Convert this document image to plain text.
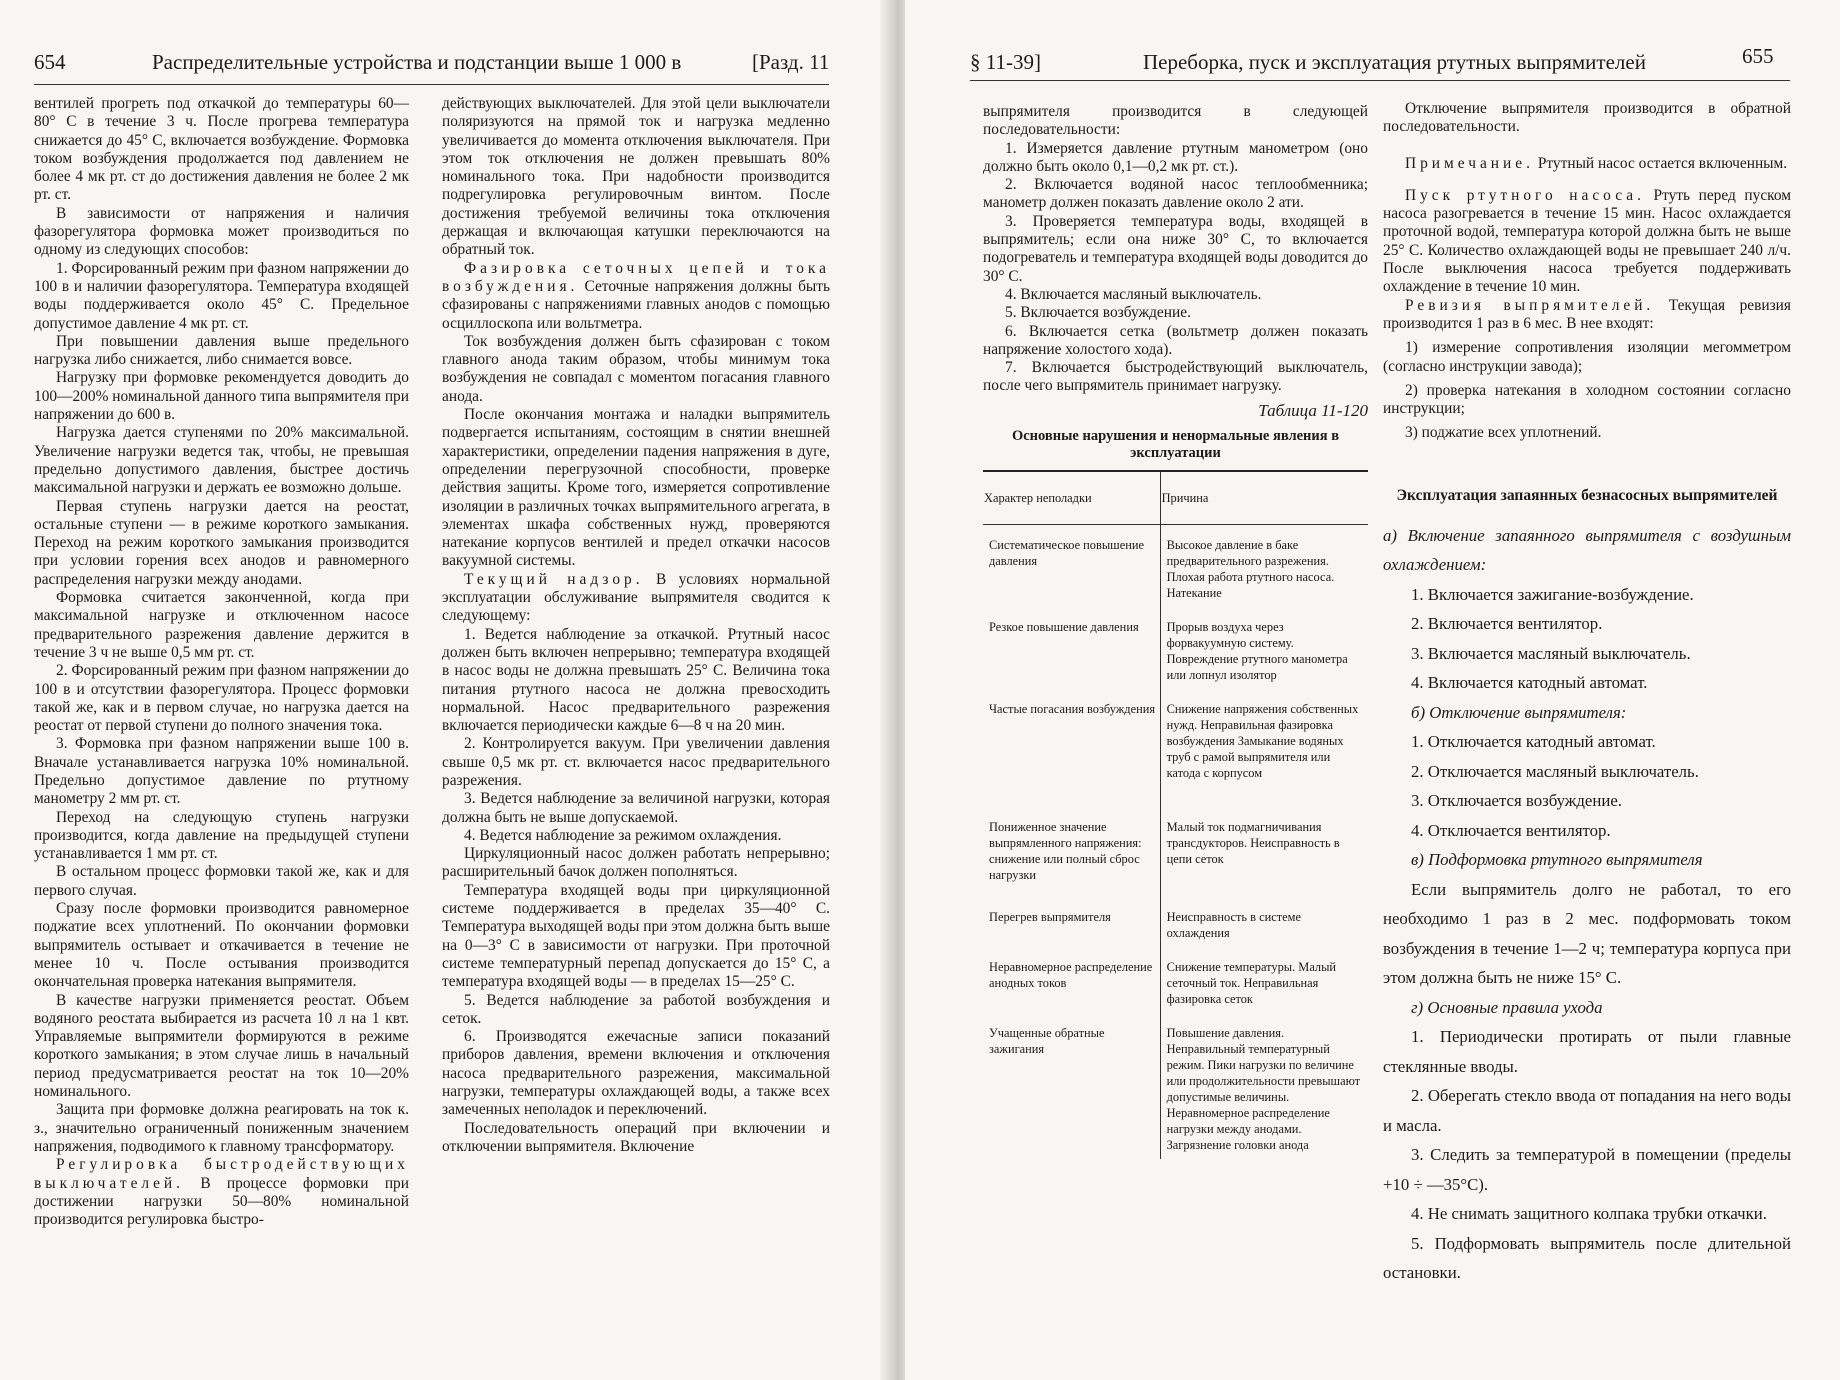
654	Распределительные устройства и подстанции выше 1 000 в	[Разд. 11

вентилей прогреть под откачкой до температуры 60—80° С в течение 3 ч. После прогрева температура снижается до 45° С, включается возбуждение. Формовка током возбуждения продолжается под давлением не более 4 мк рт. ст до достижения давления не более 2 мк рт. ст.

В зависимости от напряжения и наличия фазорегулятора формовка может производиться по одному из следующих способов:

1. Форсированный режим при фазном напряжении до 100 в и наличии фазорегулятора. Температура входящей воды поддерживается около 45° С. Предельное допустимое давление 4 мк рт. ст.

При повышении давления выше предельного нагрузка либо снижается, либо снимается вовсе.

Нагрузку при формовке рекомендуется доводить до 100—200% номинальной данного типа выпрямителя при напряжении до 600 в.

Нагрузка дается ступенями по 20% максимальной. Увеличение нагрузки ведется так, чтобы, не превышая предельно допустимого давления, быстрее достичь максимальной нагрузки и держать ее возможно дольше.

Первая ступень нагрузки дается на реостат, остальные ступени — в режиме короткого замыкания. Переход на режим короткого замыкания производится при условии горения всех анодов и равномерного распределения нагрузки между анодами.

Формовка считается законченной, когда при максимальной нагрузке и отключенном насосе предварительного разрежения давление держится в течение 3 ч не выше 0,5 мм рт. ст.

2. Форсированный режим при фазном напряжении до 100 в и отсутствии фазорегулятора. Процесс формовки такой же, как и в первом случае, но нагрузка дается на реостат от первой ступени до полного значения тока.

3. Формовка при фазном напряжении выше 100 в. Вначале устанавливается нагрузка 10% номинальной. Предельно допустимое давление по ртутному манометру 2 мм рт. ст.

Переход на следующую ступень нагрузки производится, когда давление на предыдущей ступени устанавливается 1 мм рт. ст.

В остальном процесс формовки такой же, как и для первого случая.

Сразу после формовки производится равномерное поджатие всех уплотнений. По окончании формовки выпрямитель остывает и откачивается в течение не менее 10 ч. После остывания производится окончательная проверка натекания выпрямителя.

В качестве нагрузки применяется реостат. Объем водяного реостата выбирается из расчета 10 л на 1 квт. Управляемые выпрямители формируются в режиме короткого замыкания; в этом случае лишь в начальный период предусматривается реостат на ток 10—20% номинального.

Защита при формовке должна реагировать на ток к. з., значительно ограниченный пониженным значением напряжения, подводимого к главному трансформатору.

Регулировка быстродействующих выключателей. В процессе формовки при достижении нагрузки 50—80% номинальной производится регулировка быстро-

действующих выключателей. Для этой цели выключатели поляризуются на прямой ток и нагрузка медленно увеличивается до момента отключения выключателя. При этом ток отключения не должен превышать 80% номинального тока. При надобности производится подрегулировка регулировочным винтом. После достижения требуемой величины тока отключения держащая и включающая катушки переключаются на обратный ток.

Фазировка сеточных цепей и тока возбуждения. Сеточные напряжения должны быть сфазированы с напряжениями главных анодов с помощью осциллоскопа или вольтметра.

Ток возбуждения должен быть сфазирован с током главного анода таким образом, чтобы минимум тока возбуждения не совпадал с моментом погасания главного анода.

После окончания монтажа и наладки выпрямитель подвергается испытаниям, состоящим в снятии внешней характеристики, определении падения напряжения в дуге, определении перегрузочной способности, проверке действия защиты. Кроме того, измеряется сопротивление изоляции в различных точках выпрямительного агрегата, в элементах шкафа собственных нужд, проверяются натекание корпусов вентилей и предел откачки насосов вакуумной системы.

Текущий надзор. В условиях нормальной эксплуатации обслуживание выпрямителя сводится к следующему:

1. Ведется наблюдение за откачкой. Ртутный насос должен быть включен непрерывно; температура входящей в насос воды не должна превышать 25° С. Величина тока питания ртутного насоса не должна превосходить нормальной. Насос предварительного разрежения включается периодически каждые 6—8 ч на 20 мин.

2. Контролируется вакуум. При увеличении давления свыше 0,5 мк рт. ст. включается насос предварительного разрежения.

3. Ведется наблюдение за величиной нагрузки, которая должна быть не выше допускаемой.

4. Ведется наблюдение за режимом охлаждения.

Циркуляционный насос должен работать непрерывно; расширительный бачок должен пополняться.

Температура входящей воды при циркуляционной системе поддерживается в пределах 35—40° С. Температура выходящей воды при этом должна быть выше на 0—3° С в зависимости от нагрузки. При проточной системе температурный перепад допускается до 15° С, а температура входящей воды — в пределах 15—25° С.

5. Ведется наблюдение за работой возбуждения и сеток.

6. Производятся ежечасные записи показаний приборов давления, времени включения и отключения насоса предварительного разрежения, максимальной нагрузки, температуры охлаждающей воды, а также всех замеченных неполадок и переключений.

Последовательность операций при включении и отключении выпрямителя. Включение

§ 11-39]	Переборка, пуск и эксплуатация ртутных выпрямителей	655

выпрямителя производится в следующей последовательности:

1. Измеряется давление ртутным манометром (оно должно быть около 0,1—0,2 мк рт. ст.).

2. Включается водяной насос теплообменника; манометр должен показать давление около 2 ати.

3. Проверяется температура воды, входящей в выпрямитель; если она ниже 30° С, то включается подогреватель и температура входящей воды доводится до 30° С.

4. Включается масляный выключатель.

5. Включается возбуждение.

6. Включается сетка (вольтметр должен показать напряжение холостого хода).

7. Включается быстродействующий выключатель, после чего выпрямитель принимает нагрузку.

Таблица 11-120
Основные нарушения и ненормальные явления в эксплуатации
Характер неполадки	Причина
Систематическое повышение давления	Высокое давление в баке предварительного разрежения. Плохая работа ртутного насоса. Натекание
Резкое повышение давления	Прорыв воздуха через форвакуумную систему. Повреждение ртутного манометра или лопнул изолятор
Частые погасания возбуждения	Снижение напряжения собственных нужд. Неправильная фазировка возбуждения Замыкание водяных труб с рамой выпрямителя или катода с корпусом
Пониженное значение выпрямленного напряжения: снижение или полный сброс нагрузки	Малый ток подмагничивания трансдукторов. Неисправность в цепи сеток
Перегрев выпрямителя	Неисправность в системе охлаждения
Неравномерное распределение анодных токов	Снижение температуры. Малый сеточный ток. Неправильная фазировка сеток
Учащенные обратные зажигания	Повышение давления. Неправильный температурный режим. Пики нагрузки по величине или продолжительности превышают допустимые величины. Неравномерное распределение нагрузки между анодами. Загрязнение головки анода

Отключение выпрямителя производится в обратной последовательности.

Примечание. Ртутный насос остается включенным.

Пуск ртутного насоса. Ртуть перед пуском насоса разогревается в течение 15 мин. Насос охлаждается проточной водой, температура которой должна быть не выше 25° С. Количество охлаждающей воды не превышает 240 л/ч. После выключения насоса требуется поддерживать охлаждение в течение 10 мин.

Ревизия выпрямителей. Текущая ревизия производится 1 раз в 6 мес. В нее входят:

1) измерение сопротивления изоляции мегомметром (согласно инструкции завода);

2) проверка натекания в холодном состоянии согласно инструкции;

3) поджатие всех уплотнений.

Эксплуатация запаянных безнасосных выпрямителей

а) Включение запаянного выпрямителя с воздушным охлаждением:

1. Включается зажигание-возбуждение.

2. Включается вентилятор.

3. Включается масляный выключатель.

4. Включается катодный автомат.

б) Отключение выпрямителя:

1. Отключается катодный автомат.

2. Отключается масляный выключатель.

3. Отключается возбуждение.

4. Отключается вентилятор.

в) Подформовка ртутного выпрямителя

Если выпрямитель долго не работал, то его необходимо 1 раз в 2 мес. подформовать током возбуждения в течение 1—2 ч; температура корпуса при этом должна быть не ниже 15° С.

г) Основные правила ухода

1. Периодически протирать от пыли главные стеклянные вводы.

2. Оберегать стекло ввода от попадания на него воды и масла.

3. Следить за температурой в помещении (пределы +10 ÷ —35°С).

4. Не снимать защитного колпака трубки откачки.

5. Подформовать выпрямитель после длительной остановки.
